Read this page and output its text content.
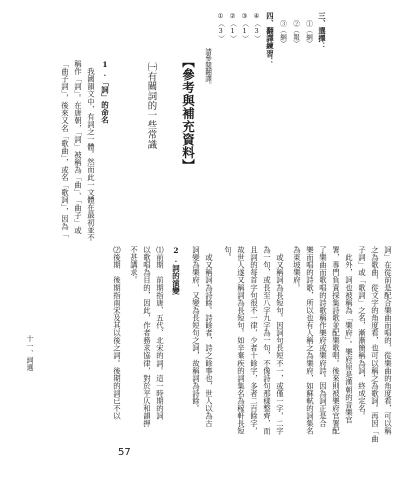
詞」在從前是配合樂曲而唱的，從樂曲的角度看，可以稱
之為歌曲，從文字的角度看，也可以稱之為歌詞。再因「曲
子詞」或「歌詞」之名，漸漸簡稱為詞，終成定名。
　此外，詞也被稱為「樂府」。樂府原是漢朝的音樂官
署，專門負責採集詩歌並配樂歌唱。後來則被樂府官署配
了樂曲而歌唱的詩歌稱作樂府或樂府詩。因為詞正是合
樂而唱的詩歌，所以也有人稱之為樂府，如蘇軾的詞集名
為東坡樂府。
　或又稱詞為長短句。因詞句長短不一，或僅一字，二字
為一句，或長至八字九字為一句，不像詩句那樣整齊，而
且詞的每首字句很不一律，少者十餘字，多者二百餘字，
故世人遂又稱詞為長短句。如辛棄疾的詞集名為稼軒長短
句。
　或又稱詞為詩餘。詩餘者，詩之餘事也，世人以為古
詞變為樂府，又變為長短句之詞，故稱詞為詩餘。
2.詞的演變
⑴前期　前期指唐、五代、北宋的詞。這一時期的詞
以歌唱為目的，因此，作者務求協律，對於平仄和韻押
不甚講求。
⑵後期　後期指南宋及其以後之詞。後期的詞已不以
57
三、選擇：
①（網）
②（報）
③（網）
四、翻譯練習：
④（3）
③（1）
②（1）
①（3）
請參閱翻譯。
【參考與補充資料】
㈠有關詞的一些常識
1.「詞」的命名
　我國韻文中，有詞之一體。然而此一文體在最初並不
稱作「詞」。在唐朝，「詞」被稱為「曲」、「曲子」或
「曲子詞」，後來又名「歌曲」，或名「歌詞」，因為「
十一、詞選
